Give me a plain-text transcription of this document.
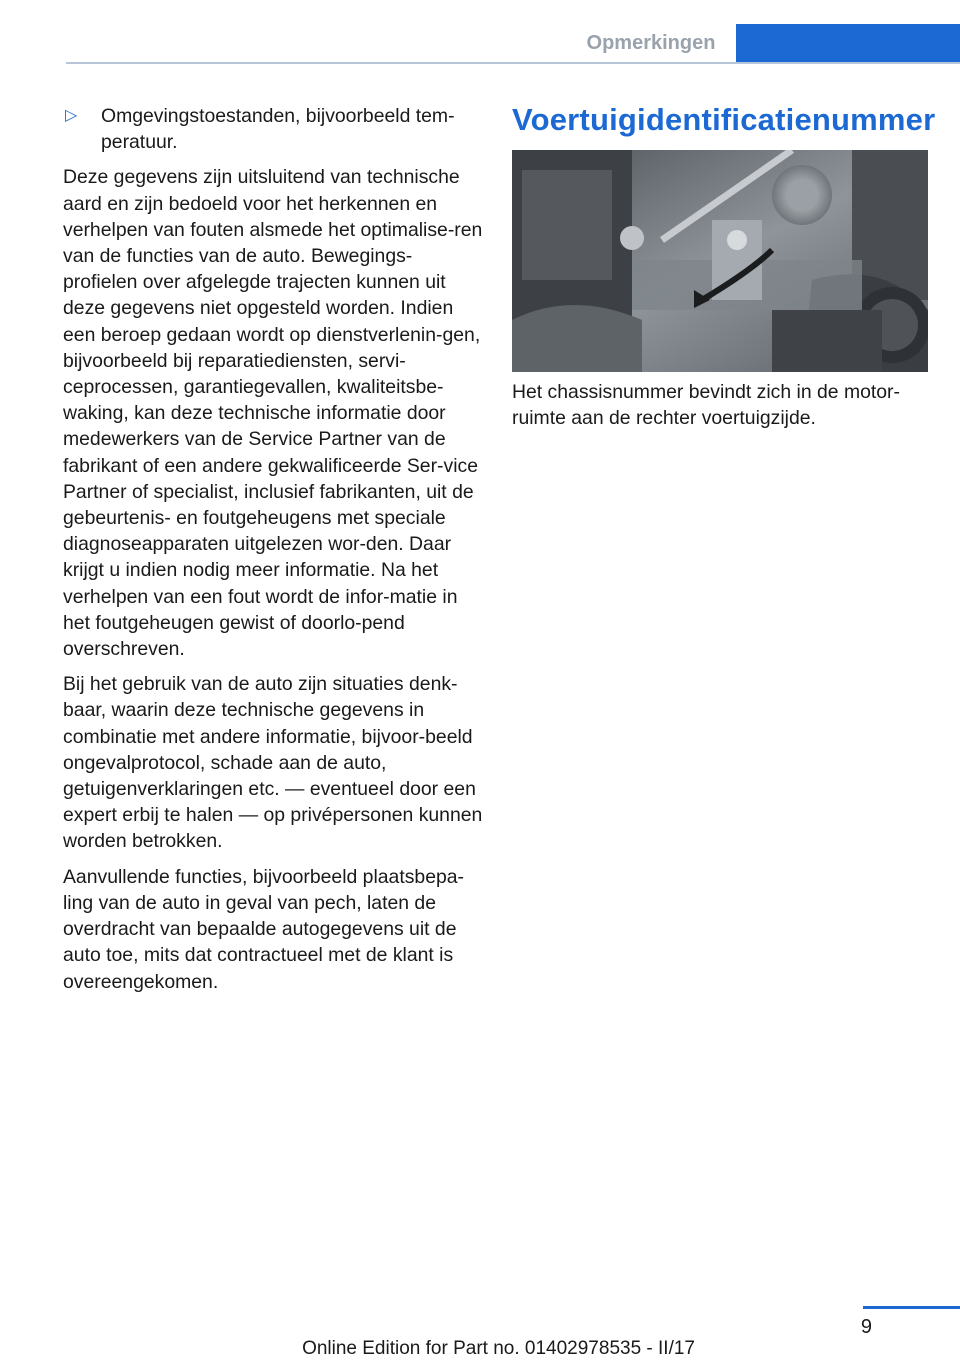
Opmerkingen
▷	Omgevingstoestanden, bijvoorbeeld tem-peratuur.

Deze gegevens zijn uitsluitend van technische aard en zijn bedoeld voor het herkennen en verhelpen van fouten alsmede het optimalise-ren van de functies van de auto. Bewegings-profielen over afgelegde trajecten kunnen uit deze gegevens niet opgesteld worden. Indien een beroep gedaan wordt op dienstverlenin-gen, bijvoorbeeld bij reparatiediensten, servi-ceprocessen, garantiegevallen, kwaliteitsbe-waking, kan deze technische informatie door medewerkers van de Service Partner van de fabrikant of een andere gekwalificeerde Ser-vice Partner of specialist, inclusief fabrikanten, uit de gebeurtenis- en foutgeheugens met speciale diagnoseapparaten uitgelezen wor-den. Daar krijgt u indien nodig meer informatie. Na het verhelpen van een fout wordt de infor-matie in het foutgeheugen gewist of doorlo-pend overschreven.

Bij het gebruik van de auto zijn situaties denk-baar, waarin deze technische gegevens in combinatie met andere informatie, bijvoor-beeld ongevalprotocol, schade aan de auto, getuigenverklaringen etc. — eventueel door een expert erbij te halen — op privépersonen kunnen worden betrokken.

Aanvullende functies, bijvoorbeeld plaatsbepa-ling van de auto in geval van pech, laten de overdracht van bepaalde autogegevens uit de auto toe, mits dat contractueel met de klant is overeengekomen.

Voertuigidentificatienummer
Het chassisnummer bevindt zich in de motor-ruimte aan de rechter voertuigzijde.
9
Online Edition for Part no. 01402978535 - II/17
